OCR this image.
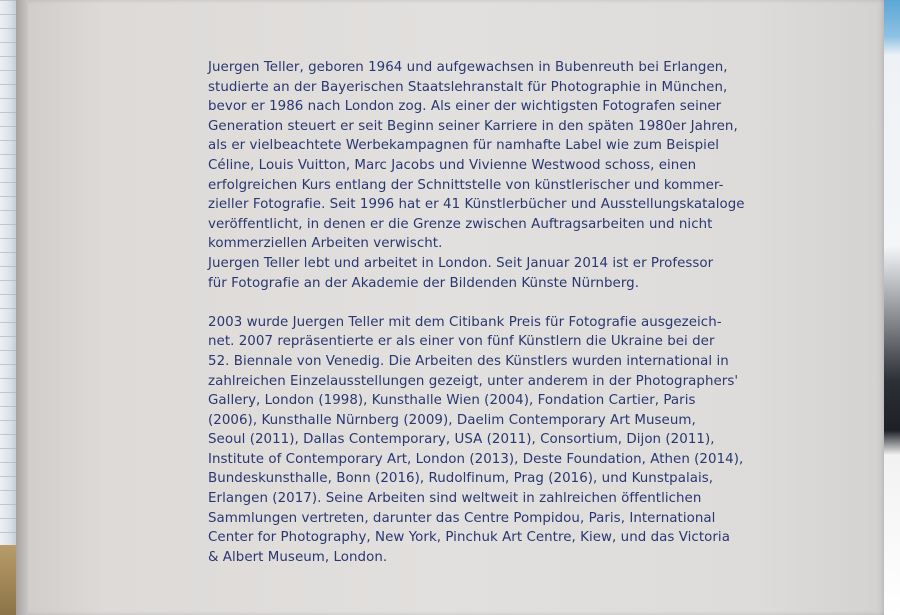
Juergen Teller, geboren 1964 und aufgewachsen in Bubenreuth bei Erlangen,
studierte an der Bayerischen Staatslehranstalt für Photographie in München,
bevor er 1986 nach London zog. Als einer der wichtigsten Fotografen seiner
Generation steuert er seit Beginn seiner Karriere in den späten 1980er Jahren,
als er vielbeachtete Werbekampagnen für namhafte Label wie zum Beispiel
Céline, Louis Vuitton, Marc Jacobs und Vivienne Westwood schoss, einen
erfolgreichen Kurs entlang der Schnittstelle von künstlerischer und kommer-
zieller Fotografie. Seit 1996 hat er 41 Künstlerbücher und Ausstellungskataloge
veröffentlicht, in denen er die Grenze zwischen Auftragsarbeiten und nicht
kommerziellen Arbeiten verwischt.
Juergen Teller lebt und arbeitet in London. Seit Januar 2014 ist er Professor
für Fotografie an der Akademie der Bildenden Künste Nürnberg.
2003 wurde Juergen Teller mit dem Citibank Preis für Fotografie ausgezeich-
net. 2007 repräsentierte er als einer von fünf Künstlern die Ukraine bei der
52. Biennale von Venedig. Die Arbeiten des Künstlers wurden international in
zahlreichen Einzelausstellungen gezeigt, unter anderem in der Photographers'
Gallery, London (1998), Kunsthalle Wien (2004), Fondation Cartier, Paris
(2006), Kunsthalle Nürnberg (2009), Daelim Contemporary Art Museum,
Seoul (2011), Dallas Contemporary, USA (2011), Consortium, Dijon (2011),
Institute of Contemporary Art, London (2013), Deste Foundation, Athen (2014),
Bundeskunsthalle, Bonn (2016), Rudolfinum, Prag (2016), und Kunstpalais,
Erlangen (2017). Seine Arbeiten sind weltweit in zahlreichen öffentlichen
Sammlungen vertreten, darunter das Centre Pompidou, Paris, International
Center for Photography, New York, Pinchuk Art Centre, Kiew, und das Victoria
& Albert Museum, London.
